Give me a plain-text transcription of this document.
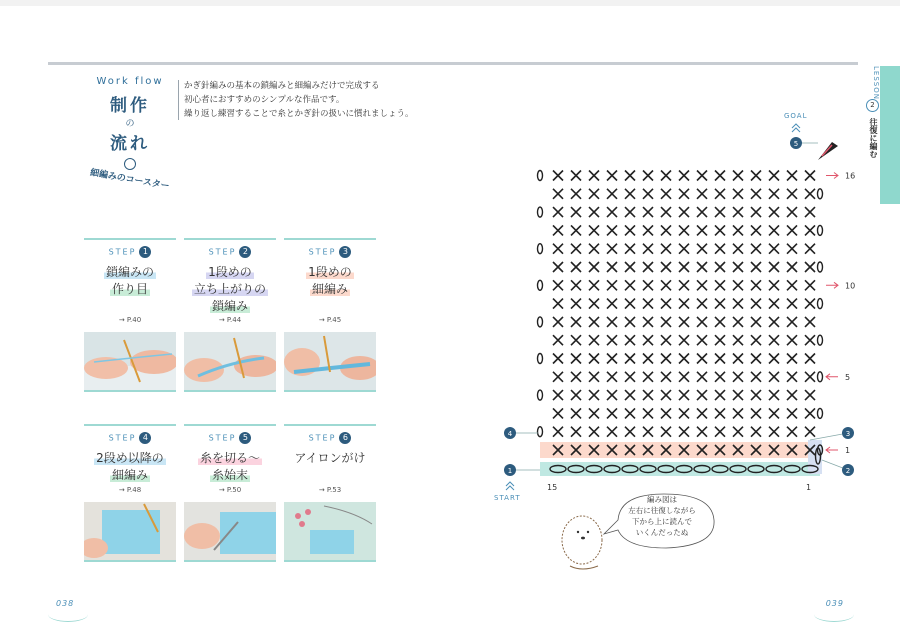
Work flow
制作
の
流れ
細編みのコースター
かぎ針編みの基本の鎖編みと細編みだけで完成する
初心者におすすめのシンプルな作品です。
繰り返し練習することで糸とかぎ針の扱いに慣れましょう。
STEP 1
鎖編みの
作り目
→ P.40
STEP 2
1段めの
立ち上がりの
鎖編み
→ P.44
STEP 3
1段めの
細編み
→ P.45
STEP 4
2段め以降の
細編み
→ P.48
STEP 5
糸を切る〜
糸始末
→ P.50
STEP 6
アイロンがけ
→ P.53
038
LESSON
2
往復に編む
GOAL
START
16
10
5
1
15	1
1	2
3
4
5
編み図は
左右に往復しながら
下から上に読んで
いくんだったぬ
039
